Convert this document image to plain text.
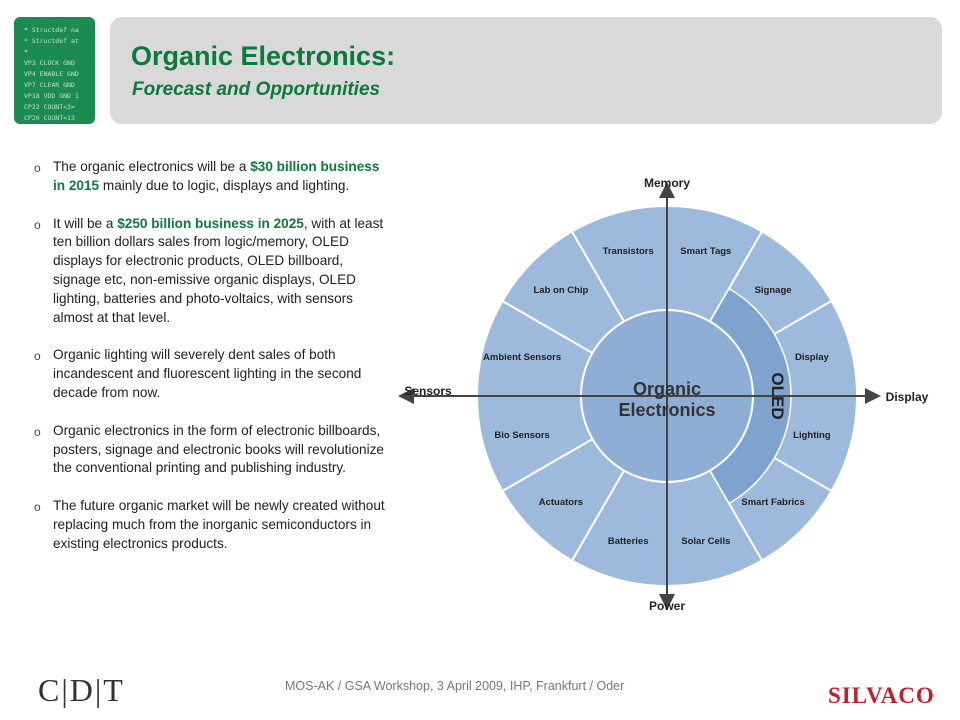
* Structdef na
* Structdef at
*
VP3 CLOCK GND
VP4 ENABLE GND
VP7 CLEAR GND
VP18 VDD GND 1
CP22 COUNT<3>
CP20 COUNT<13
Organic Electronics:
Forecast and Opportunities
o The organic electronics will be a $30 billion business in 2015 mainly due to logic, displays and lighting.
o It will be a $250 billion business in 2025, with at least ten billion dollars sales from logic/memory, OLED displays for electronic products, OLED billboard, signage etc, non-emissive organic displays, OLED lighting, batteries and photo-voltaics, with sensors almost at that level.
o Organic lighting will severely dent sales of both incandescent and fluorescent lighting in the second decade from now.
o Organic electronics in the form of electronic billboards, posters, signage and electronic books will revolutionize the conventional printing and publishing industry.
o The future organic market will be newly created without replacing much from the inorganic semiconductors in existing electronics products.
Smart Tags
Signage
Display
Lighting
Smart Fabrics
Solar Cells
Batteries
Actuators
Bio Sensors
Ambient Sensors
Lab on Chip
Transistors
Organic
Electronics	OLED
Memory
Power
Sensors	Display
C|D|T	MOS-AK / GSA Workshop, 3 April 2009, IHP, Frankfurt / Oder	SILVACO
